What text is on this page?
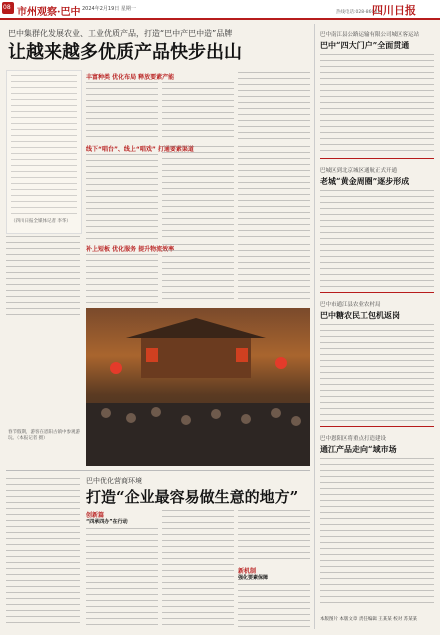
08 市州观察·巴中 2024年2月19日 星期一
热线电话:028-86001
四川日报
巴中集群化发展农业、工业优质产品，打造“巴中产巴中造”品牌
让越来越多优质产品快步出山
（四川日报全媒体记者 李华）
丰富种类 优化布局 释放要素产能
线下“唱台”、线上“唱戏” 打通要素渠道
补上短板 优化服务 提升物流效率
春节假期，游客在恩阳古镇中参观游玩。（本报记者 摄）
巴中优化营商环境
打造“企业最容易做生意的地方”
创新篇
“四承四办”在行动
新机制
强化要素保障
巴中南江县公路运输有限公司城区客运站
巴中“四大门户”全面贯通
巴城区到北京城区通航正式开通
老城“黄金周圈”逐步形成
巴中市通江县农业农村局
巴中糖农民工包机返岗
巴中恩阳区将重点打造建设
通江产品走向“域市场
本版图片 本版文章 责任编辑 王某某 校对 苏某某
